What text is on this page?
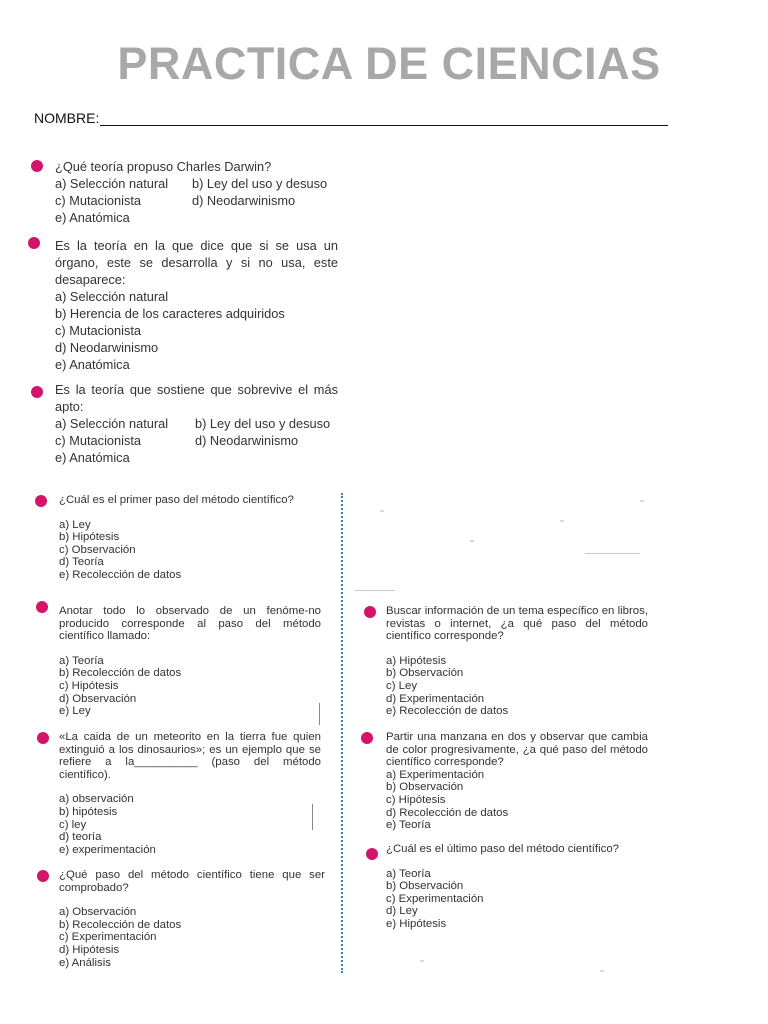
PRACTICA DE CIENCIAS
NOMBRE:
¿Qué teoría propuso Charles Darwin?
a) Selección natural	b) Ley del uso y desuso
c) Mutacionista	d) Neodarwinismo
e) Anatómica
Es la teoría en la que dice que si se usa un órgano, este se desarrolla y si no usa, este desaparece:
a) Selección natural
b) Herencia de los caracteres adquiridos
c) Mutacionista
d) Neodarwinismo
e) Anatómica
Es la teoría que sostiene que sobrevive el más apto:
a) Selección natural	b) Ley del uso y desuso
c) Mutacionista	d) Neodarwinismo
e) Anatómica
¿Cuál es el primer paso del método científico?
a) Ley
b) Hipótesis
c) Observación
d) Teoría
e) Recolección de datos
Anotar todo lo observado de un fenóme-no producido corresponde al paso del método científico llamado:
a) Teoría
b) Recolección de datos
c) Hipótesis
d) Observación
e) Ley
«La caida de un meteorito en la tierra fue quien extinguió a los dinosaurios»; es un ejemplo que se refiere a la__________ (paso del método científico).
a) observación
b) hipótesis
c) ley
d) teoría
e) experimentación
¿Qué paso del método científico tiene que ser comprobado?
a) Observación
b) Recolección de datos
c) Experimentación
d) Hipótesis
e) Análisis
Buscar información de un tema específico en libros, revistas o internet, ¿a qué paso del método científico corresponde?
a) Hipótesis
b) Observación
c) Ley
d) Experimentación
e) Recolección de datos
Partir una manzana en dos y observar que cambia de color progresivamente, ¿a qué paso del método científico corresponde?
a) Experimentación
b) Observación
c) Hipótesis
d) Recolección de datos
e) Teoría
¿Cuál es el último paso del método científico?
a) Teoría
b) Observación
c) Experimentación
d) Ley
e) Hipótesis
